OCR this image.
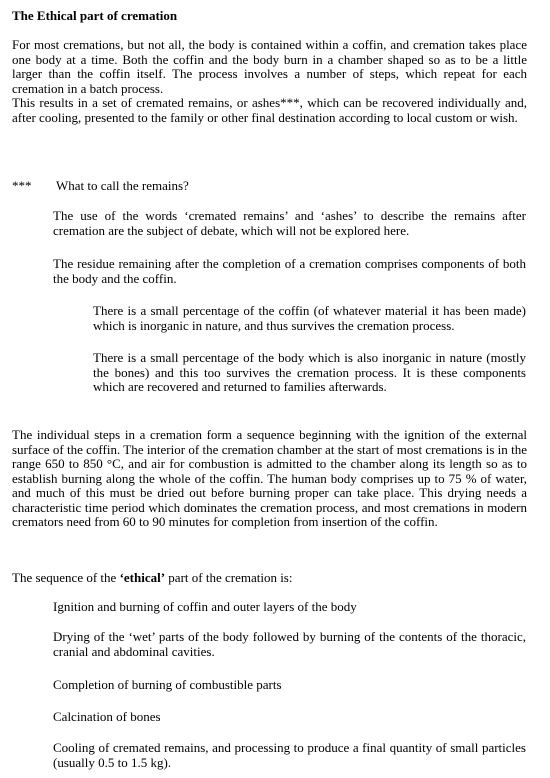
The Ethical part of cremation

For most cremations, but not all, the body is contained within a coffin, and cremation takes place one body at a time. Both the coffin and the body burn in a chamber shaped so as to be a little larger than the coffin itself. The process involves a number of steps, which repeat for each cremation in a batch process.

This results in a set of cremated remains, or ashes***, which can be recovered individually and, after cooling, presented to the family or other final destination according to local custom or wish.

*** What to call the remains?
The use of the words ‘cremated remains’ and ‘ashes’ to describe the remains after cremation are the subject of debate, which will not be explored here.
The residue remaining after the completion of a cremation comprises components of both the body and the coffin.
There is a small percentage of the coffin (of whatever material it has been made) which is inorganic in nature, and thus survives the cremation process.
There is a small percentage of the body which is also inorganic in nature (mostly the bones) and this too survives the cremation process. It is these components which are recovered and returned to families afterwards.
The individual steps in a cremation form a sequence beginning with the ignition of the external surface of the coffin. The interior of the cremation chamber at the start of most cremations is in the range 650 to 850 °C, and air for combustion is admitted to the chamber along its length so as to establish burning along the whole of the coffin. The human body comprises up to 75 % of water, and much of this must be dried out before burning proper can take place. This drying needs a characteristic time period which dominates the cremation process, and most cremations in modern cremators need from 60 to 90 minutes for completion from insertion of the coffin.
The sequence of the ‘ethical’ part of the cremation is:
Ignition and burning of coffin and outer layers of the body
Drying of the ‘wet’ parts of the body followed by burning of the contents of the thoracic, cranial and abdominal cavities.
Completion of burning of combustible parts
Calcination of bones
Cooling of cremated remains, and processing to produce a final quantity of small particles (usually 0.5 to 1.5 kg).
